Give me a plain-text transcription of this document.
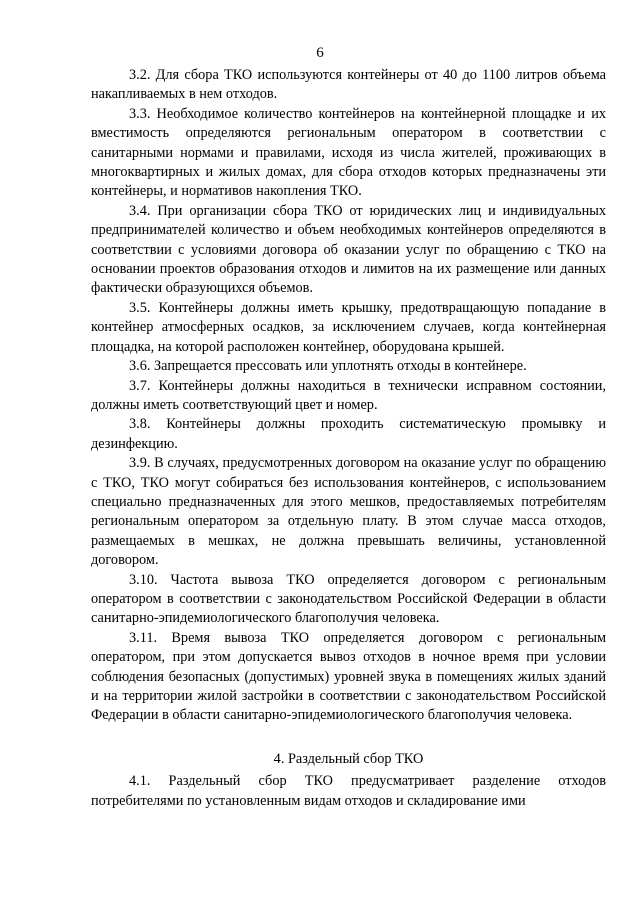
6

3.2. Для сбора ТКО используются контейнеры от 40 до 1100 литров объема накапливаемых в нем отходов.

3.3. Необходимое количество контейнеров на контейнерной площадке и их вместимость определяются региональным оператором в соответствии с санитарными нормами и правилами, исходя из числа жителей, проживающих в многоквартирных и жилых домах, для сбора отходов которых предназначены эти контейнеры, и нормативов накопления ТКО.

3.4. При организации сбора ТКО от юридических лиц и индивидуальных предпринимателей количество и объем необходимых контейнеров определяются в соответствии с условиями договора об оказании услуг по обращению с ТКО на основании проектов образования отходов и лимитов на их размещение или данных фактически образующихся объемов.

3.5. Контейнеры должны иметь крышку, предотвращающую попадание в контейнер атмосферных осадков, за исключением случаев, когда контейнерная площадка, на которой расположен контейнер, оборудована крышей.

3.6. Запрещается прессовать или уплотнять отходы в контейнере.

3.7. Контейнеры должны находиться в технически исправном состоянии, должны иметь соответствующий цвет и номер.

3.8. Контейнеры должны проходить систематическую промывку и дезинфекцию.

3.9. В случаях, предусмотренных договором на оказание услуг по обращению с ТКО, ТКО могут собираться без использования контейнеров, с использованием специально предназначенных для этого мешков, предоставляемых потребителям региональным оператором за отдельную плату. В этом случае масса отходов, размещаемых в мешках, не должна превышать величины, установленной договором.

3.10. Частота вывоза ТКО определяется договором с региональным оператором в соответствии с законодательством Российской Федерации в области санитарно-эпидемиологического благополучия человека.

3.11. Время вывоза ТКО определяется договором с региональным оператором, при этом допускается вывоз отходов в ночное время при условии соблюдения безопасных (допустимых) уровней звука в помещениях жилых зданий и на территории жилой застройки в соответствии с законодательством Российской Федерации в области санитарно-эпидемиологического благополучия человека.

4. Раздельный сбор ТКО

4.1. Раздельный сбор ТКО предусматривает разделение отходов потребителями по установленным видам отходов и складирование ими
